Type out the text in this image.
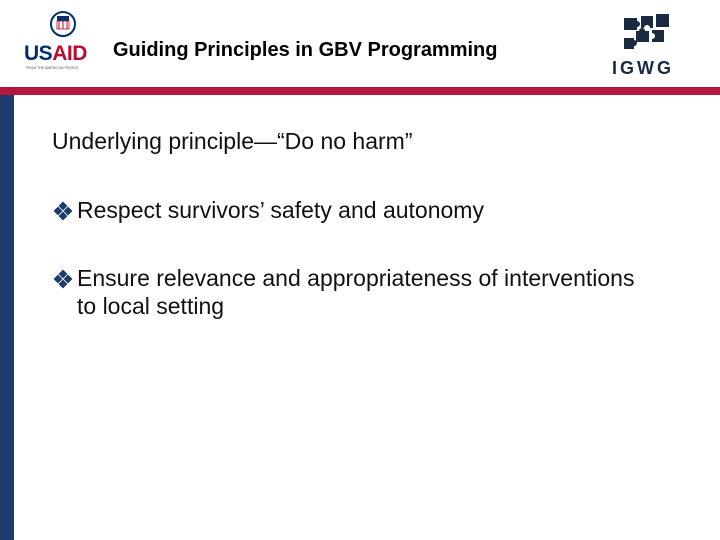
USAID
FROM THE AMERICAN PEOPLE
Guiding Principles in GBV Programming
IGWG
Underlying principle—“Do no harm”
Respect survivors’ safety and autonomy
Ensure relevance and appropriateness of interventions to local setting
